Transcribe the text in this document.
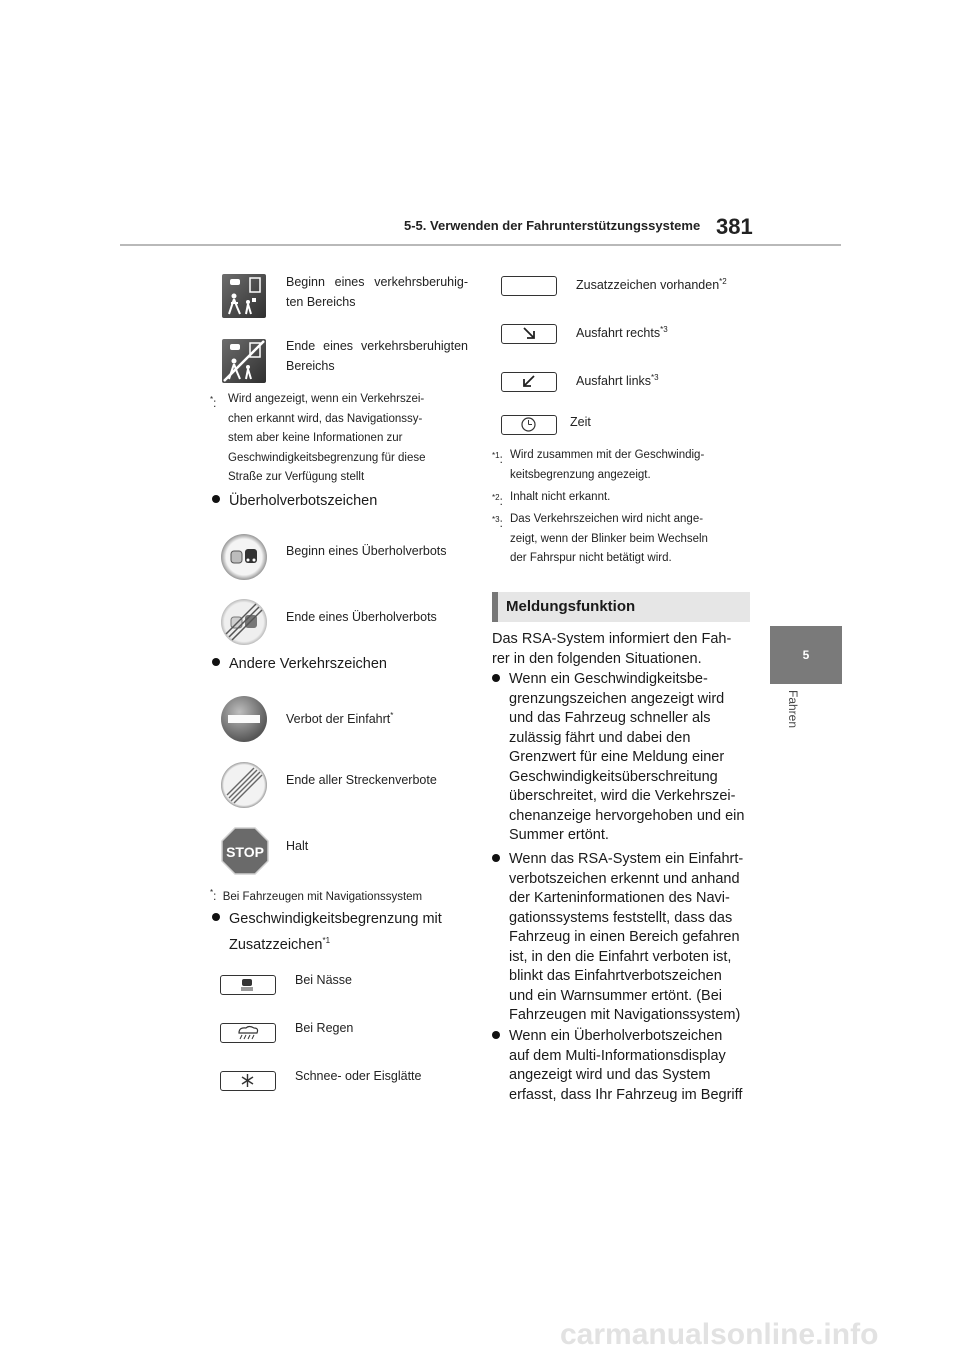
5-5. Verwenden der Fahrunterstützungssysteme 381
5
Fahren
Beginn eines verkehrsberuhig-
ten Bereichs
Ende eines verkehrsberuhigten
Bereichs
*: Wird angezeigt, wenn ein Verkehrszei-
chen erkannt wird, das Navigationssy-
stem aber keine Informationen zur
Geschwindigkeitsbegrenzung für diese
Straße zur Verfügung stellt
Überholverbotszeichen
Beginn eines Überholverbots
Ende eines Überholverbots
Andere Verkehrszeichen
Verbot der Einfahrt*
Ende aller Streckenverbote
STOP Halt
*:  Bei Fahrzeugen mit Navigationssystem
Geschwindigkeitsbegrenzung mit
Zusatzzeichen$^{*1}$
Bei Nässe
Bei Regen
Schnee- oder Eisglätte
Zusatzzeichen vorhanden$^{*2}$
Ausfahrt rechts$^{*3}$
Ausfahrt links$^{*3}$
Zeit
$^{*1}$: Wird zusammen mit der Geschwindig-
keitsbegrenzung angezeigt.
$^{*2}$: Inhalt nicht erkannt.
$^{*3}$: Das Verkehrszeichen wird nicht ange-
zeigt, wenn der Blinker beim Wechseln
der Fahrspur nicht betätigt wird.
Meldungsfunktion
Das RSA-System informiert den Fah-
rer in den folgenden Situationen.
Wenn ein Geschwindigkeitsbe-
grenzungszeichen angezeigt wird
und das Fahrzeug schneller als
zulässig fährt und dabei den
Grenzwert für eine Meldung einer
Geschwindigkeitsüberschreitung
überschreitet, wird die Verkehrszei-
chenanzeige hervorgehoben und ein
Summer ertönt.
Wenn das RSA-System ein Einfahrt-
verbotszeichen erkennt und anhand
der Karteninformationen des Navi-
gationssystems feststellt, dass das
Fahrzeug in einen Bereich gefahren
ist, in den die Einfahrt verboten ist,
blinkt das Einfahrtverbotszeichen
und ein Warnsummer ertönt. (Bei
Fahrzeugen mit Navigationssystem)
Wenn ein Überholverbotszeichen
auf dem Multi-Informationsdisplay
angezeigt wird und das System
erfasst, dass Ihr Fahrzeug im Begriff
carmanualsonline.info
